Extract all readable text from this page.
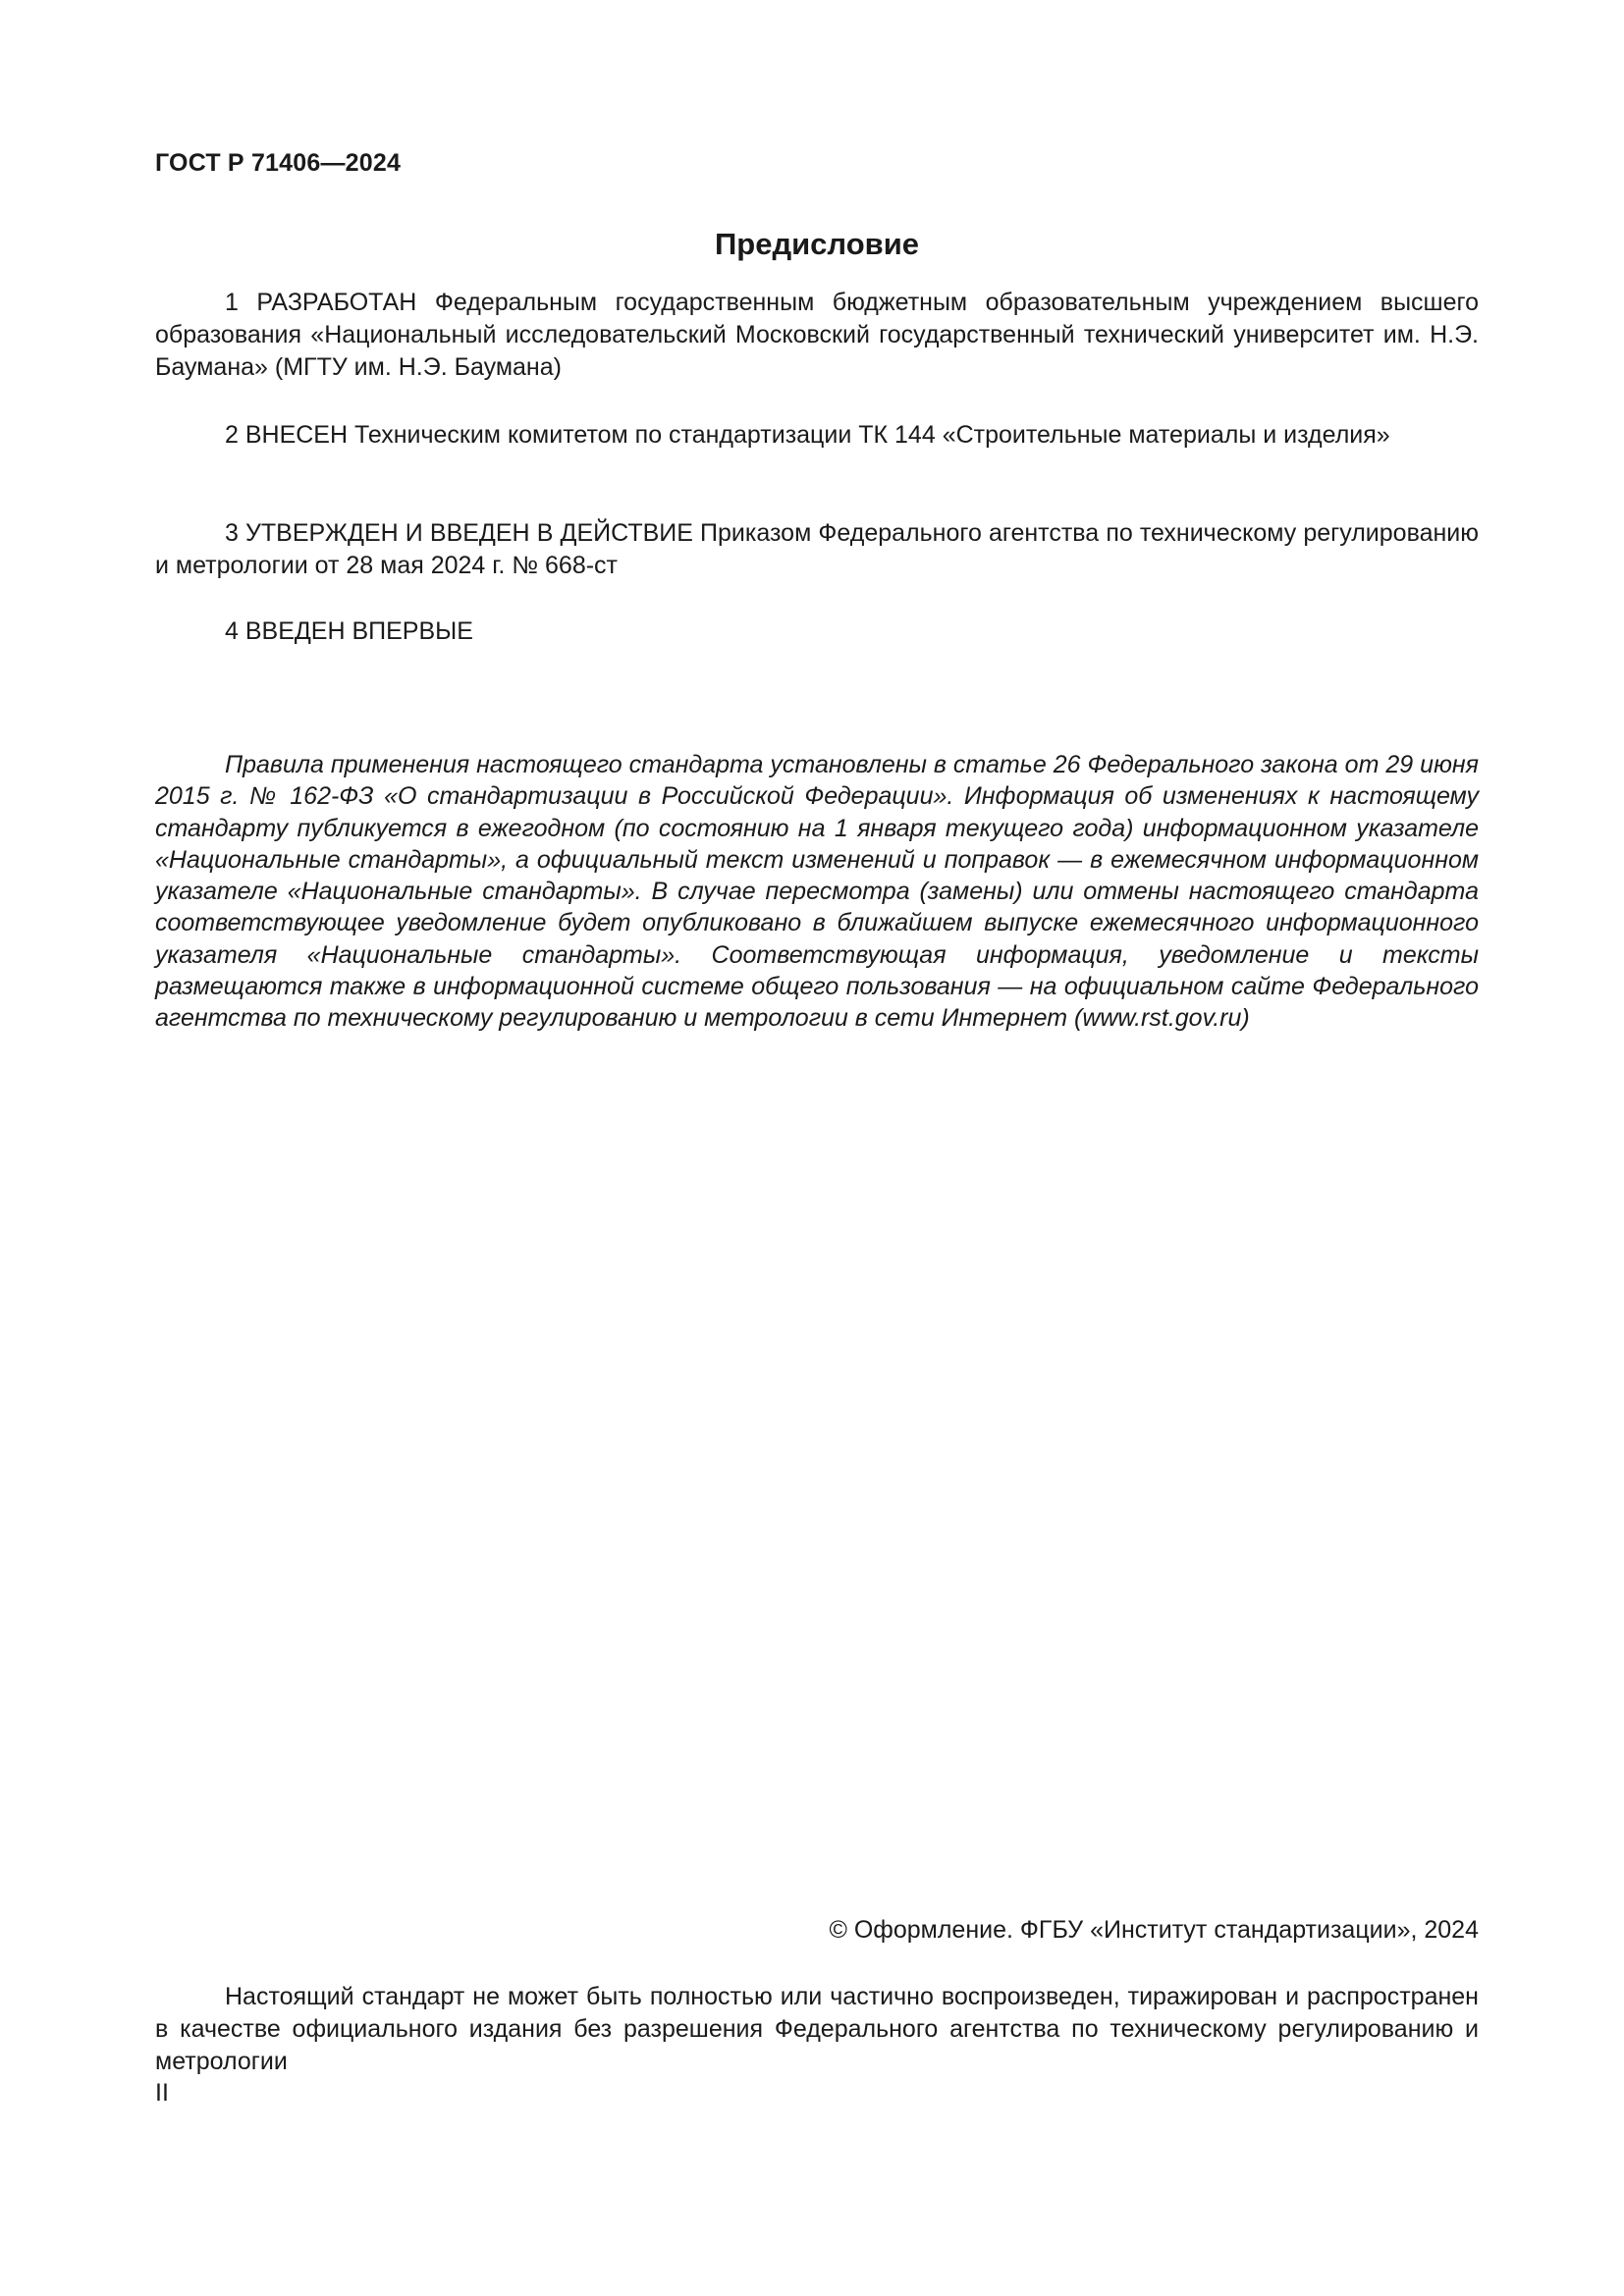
ГОСТ Р 71406—2024
Предисловие

1 РАЗРАБОТАН Федеральным государственным бюджетным образовательным учреждением высшего образования «Национальный исследовательский Московский государственный технический университет им. Н.Э. Баумана» (МГТУ им. Н.Э. Баумана)

2 ВНЕСЕН Техническим комитетом по стандартизации ТК 144 «Строительные материалы и изделия»

3 УТВЕРЖДЕН И ВВЕДЕН В ДЕЙСТВИЕ Приказом Федерального агентства по техническому регулированию и метрологии от 28 мая 2024 г. № 668-ст

4 ВВЕДЕН ВПЕРВЫЕ

Правила применения настоящего стандарта установлены в статье 26 Федерального закона от 29 июня 2015 г. № 162-ФЗ «О стандартизации в Российской Федерации». Информация об изменениях к настоящему стандарту публикуется в ежегодном (по состоянию на 1 января текущего года) информационном указателе «Национальные стандарты», а официальный текст изменений и поправок — в ежемесячном информационном указателе «Национальные стандарты». В случае пересмотра (замены) или отмены настоящего стандарта соответствующее уведомление будет опубликовано в ближайшем выпуске ежемесячного информационного указателя «Национальные стандарты». Соответствующая информация, уведомление и тексты размещаются также в информационной системе общего пользования — на официальном сайте Федерального агентства по техническому регулированию и метрологии в сети Интернет (www.rst.gov.ru)

© Оформление. ФГБУ «Институт стандартизации», 2024

Настоящий стандарт не может быть полностью или частично воспроизведен, тиражирован и распространен в качестве официального издания без разрешения Федерального агентства по техническому регулированию и метрологии

II
